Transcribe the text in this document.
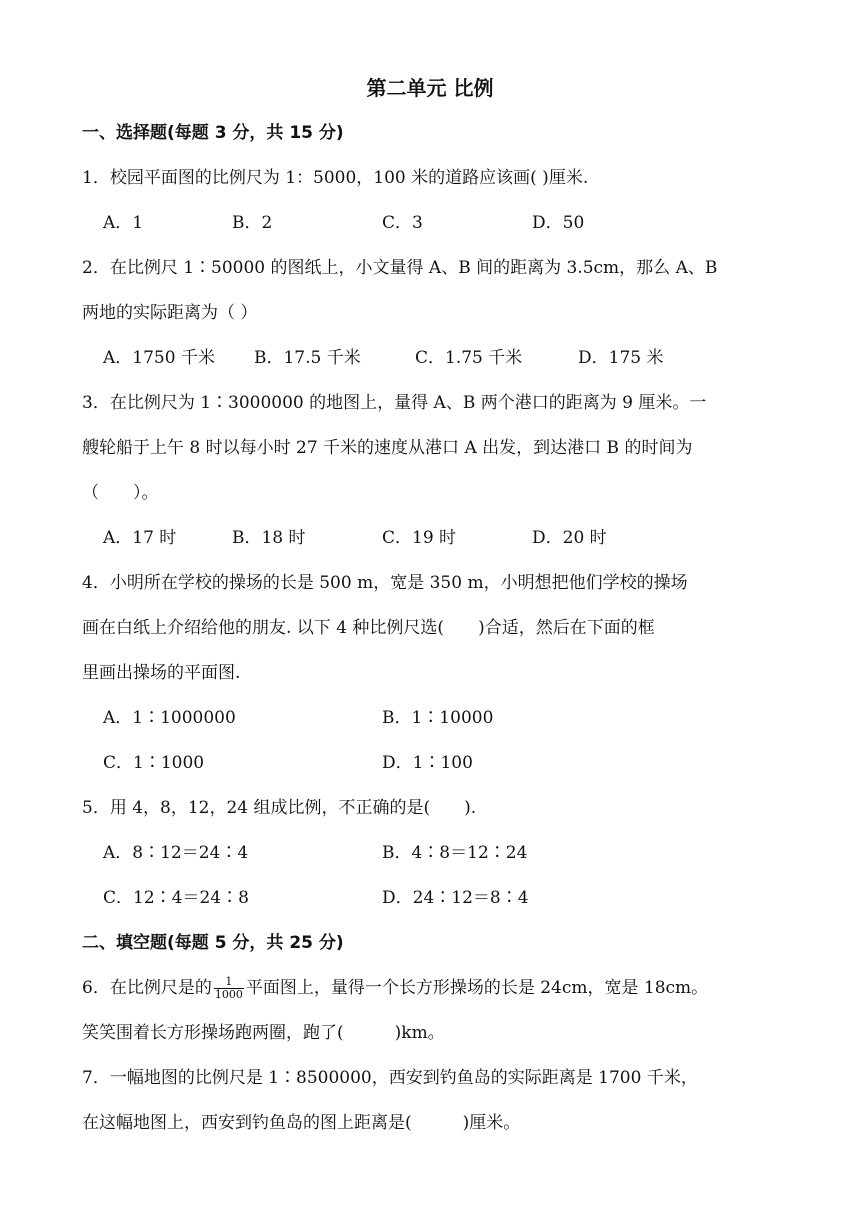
第二单元 比例
一、选择题(每题 3 分，共 15 分)
1．校园平面图的比例尺为 1：5000，100 米的道路应该画( )厘米.
A．1	B．2	C．3	D．50
2．在比例尺 1∶50000 的图纸上，小文量得 A、B 间的距离为 3.5cm，那么 A、B
两地的实际距离为（ ）
A．1750 千米 B．17.5 千米	C．1.75 千米	D．175 米
3．在比例尺为 1∶3000000 的地图上，量得 A、B 两个港口的距离为 9 厘米。一
艘轮船于上午 8 时以每小时 27 千米的速度从港口 A 出发，到达港口 B 的时间为
（　　）。
A．17 时	B．18 时	C．19 时	D．20 时
4．小明所在学校的操场的长是 500 m，宽是 350 m，小明想把他们学校的操场
画在白纸上介绍给他的朋友. 以下 4 种比例尺选(　　)合适，然后在下面的框
里画出操场的平面图.
A．1∶1000000	B．1∶10000
C．1∶1000	D．1∶100
5．用 4，8，12，24 组成比例，不正确的是(　　).
A．8∶12＝24∶4	B．4∶8＝12∶24
C．12∶4＝24∶8	D．24∶12＝8∶4
二、填空题(每题 5 分，共 25 分)
6．在比例尺是的 $\frac{1}{1000}$ 平面图上，量得一个长方形操场的长是 24cm，宽是 18cm。
笑笑围着长方形操场跑两圈，跑了(　　　)km。
7．一幅地图的比例尺是 1∶8500000，西安到钓鱼岛的实际距离是 1700 千米，
在这幅地图上，西安到钓鱼岛的图上距离是(　　　)厘米。
